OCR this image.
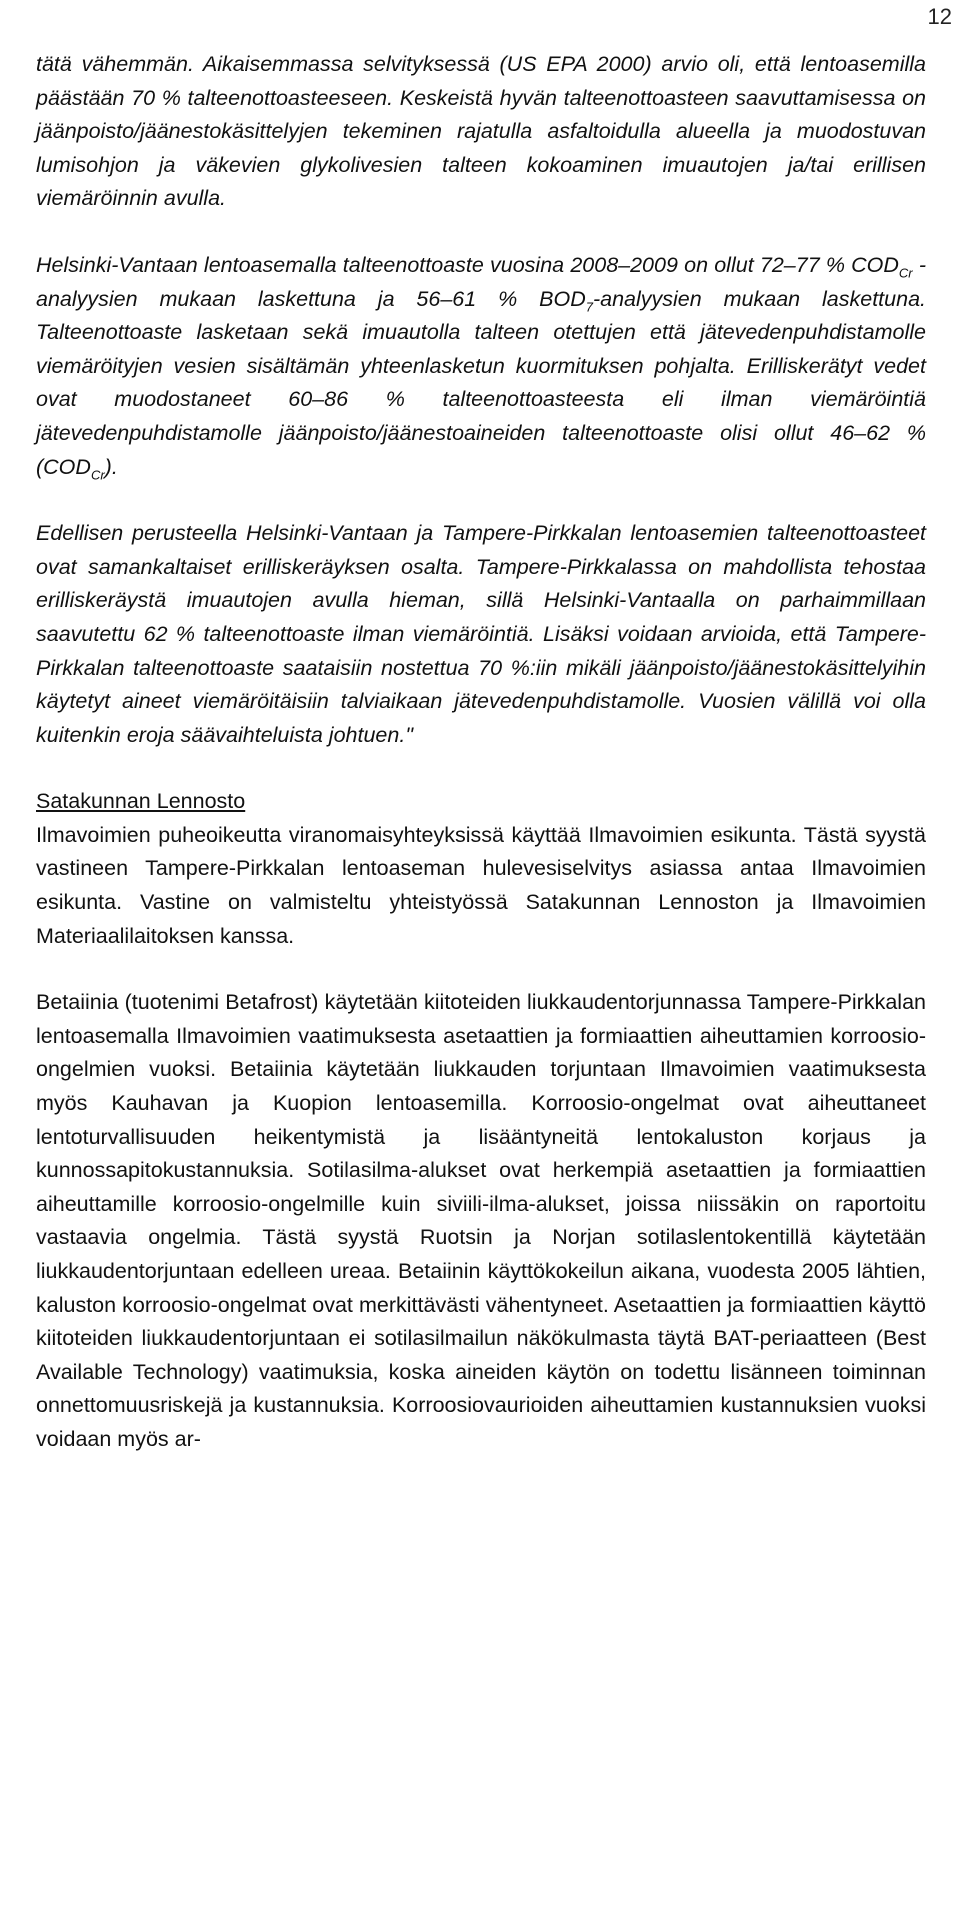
12

tätä vähemmän. Aikaisemmassa selvityksessä (US EPA 2000) arvio oli, että lentoasemilla päästään 70 % talteenottoasteeseen. Keskeistä hyvän talteenottoasteen saavuttamisessa on jäänpoisto/jäänestokäsittelyjen tekeminen rajatulla asfaltoidulla alueella ja muodostuvan lumisohjon ja väkevien glykolivesien talteen kokoaminen imuautojen ja/tai erillisen viemäröinnin avulla.

Helsinki-Vantaan lentoasemalla talteenottoaste vuosina 2008–2009 on ollut 72–77 % $COD_{Cr}$ -analyysien mukaan laskettuna ja 56–61 % $BOD_7$-analyysien mukaan laskettuna. Talteenottoaste lasketaan sekä imuautolla talteen otettujen että jätevedenpuhdistamolle viemäröityjen vesien sisältämän yhteenlasketun kuormituksen pohjalta. Erilliskerätyt vedet ovat muodostaneet 60–86 % talteenottoasteesta eli ilman viemäröintiä jätevedenpuhdistamolle jäänpoisto/jäänestoaineiden talteenottoaste olisi ollut 46–62 % $(COD_{Cr})$.

Edellisen perusteella Helsinki-Vantaan ja Tampere-Pirkkalan lentoasemien talteenottoasteet ovat samankaltaiset erilliskeräyksen osalta. Tampere-Pirkkalassa on mahdollista tehostaa erilliskeräystä imuautojen avulla hieman, sillä Helsinki-Vantaalla on parhaimmillaan saavutettu 62 % talteenottoaste ilman viemäröintiä. Lisäksi voidaan arvioida, että Tampere-Pirkkalan talteenottoaste saataisiin nostettua 70 %:iin mikäli jäänpoisto/jäänestokäsittelyihin käytetyt aineet viemäröitäisiin talviaikaan jätevedenpuhdistamolle. Vuosien välillä voi olla kuitenkin eroja säävaihteluista johtuen."

Satakunnan Lennosto

Ilmavoimien puheoikeutta viranomaisyhteyksissä käyttää Ilmavoimien esikunta. Tästä syystä vastineen Tampere-Pirkkalan lentoaseman hulevesiselvitys asiassa antaa Ilmavoimien esikunta. Vastine on valmisteltu yhteistyössä Satakunnan Lennoston ja Ilmavoimien Materiaalilaitoksen kanssa.

Betaiinia (tuotenimi Betafrost) käytetään kiitoteiden liukkaudentorjunnassa Tampere-Pirkkalan lentoasemalla Ilmavoimien vaatimuksesta asetaattien ja formiaattien aiheuttamien korroosio-ongelmien vuoksi. Betaiinia käytetään liukkauden torjuntaan Ilmavoimien vaatimuksesta myös Kauhavan ja Kuopion lentoasemilla. Korroosio-ongelmat ovat aiheuttaneet lentoturvallisuuden heikentymistä ja lisääntyneitä lentokaluston korjaus ja kunnossapitokustannuksia. Sotilasilma-alukset ovat herkempiä asetaattien ja formiaattien aiheuttamille korroosio-ongelmille kuin siviili-ilma-alukset, joissa niissäkin on raportoitu vastaavia ongelmia. Tästä syystä Ruotsin ja Norjan sotilaslentokentillä käytetään liukkaudentorjuntaan edelleen ureaa. Betaiinin käyttökokeilun aikana, vuodesta 2005 lähtien, kaluston korroosio-ongelmat ovat merkittävästi vähentyneet. Asetaattien ja formiaattien käyttö kiitoteiden liukkaudentorjuntaan ei sotilasilmailun näkökulmasta täytä BAT-periaatteen (Best Available Technology) vaatimuksia, koska aineiden käytön on todettu lisänneen toiminnan onnettomuusriskejä ja kustannuksia. Korroosiovaurioiden aiheuttamien kustannuksien vuoksi voidaan myös ar-
